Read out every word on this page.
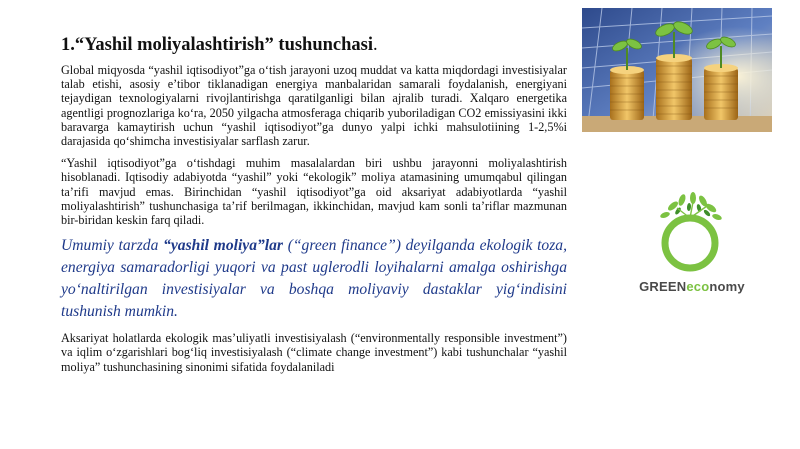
1.“Yashil moliyalashtirish” tushunchasi.

Global miqyosda “yashil iqtisodiyot”ga o‘tish jarayoni uzoq muddat va katta miqdordagi investisiyalar talab etishi, asosiy e’tibor tiklanadigan energiya manbalaridan samarali foydalanish, energiyani tejaydigan texnologiyalarni rivojlantirishga qaratilganligi bilan ajralib turadi. Xalqaro energetika agentligi prognozlariga ko‘ra, 2050 yilgacha atmosferaga chiqarib yuboriladigan CO2 emissiyasini ikki baravarga kamaytirish uchun “yashil iqtisodiyot”ga dunyo yalpi ichki mahsulotiining 1-2,5%i darajasida qo‘shimcha investisiyalar sarflash zarur.

“Yashil iqtisodiyot”ga o‘tishdagi muhim masalalardan biri ushbu jarayonni moliyalashtirish hisoblanadi. Iqtisodiy adabiyotda “yashil” yoki “ekologik” moliya atamasining umumqabul qilingan ta’rifi mavjud emas. Birinchidan “yashil iqtisodiyot”ga oid aksariyat adabiyotlarda “yashil moliyalashtirish” tushunchasiga ta’rif berilmagan, ikkinchidan, mavjud kam sonli ta’riflar mazmunan bir-biridan keskin farq qiladi.

Umumiy tarzda “yashil moliya”lar (“green finance”) deyilganda ekologik toza, energiya samaradorligi yuqori va past uglerodli loyihalarni amalga oshirishga yo‘naltirilgan investisiyalar va boshqa moliyaviy dastaklar yig‘indisini tushunish mumkin.

Aksariyat holatlarda ekologik mas’uliyatli investisiyalash (“environmentally responsible investment”) va iqlim o‘zgarishlari bog‘liq investisiyalash (“climate change investment”) kabi tushunchalar “yashil moliya” tushunchasining sinonimi sifatida foydalaniladi

GREENeconomy
